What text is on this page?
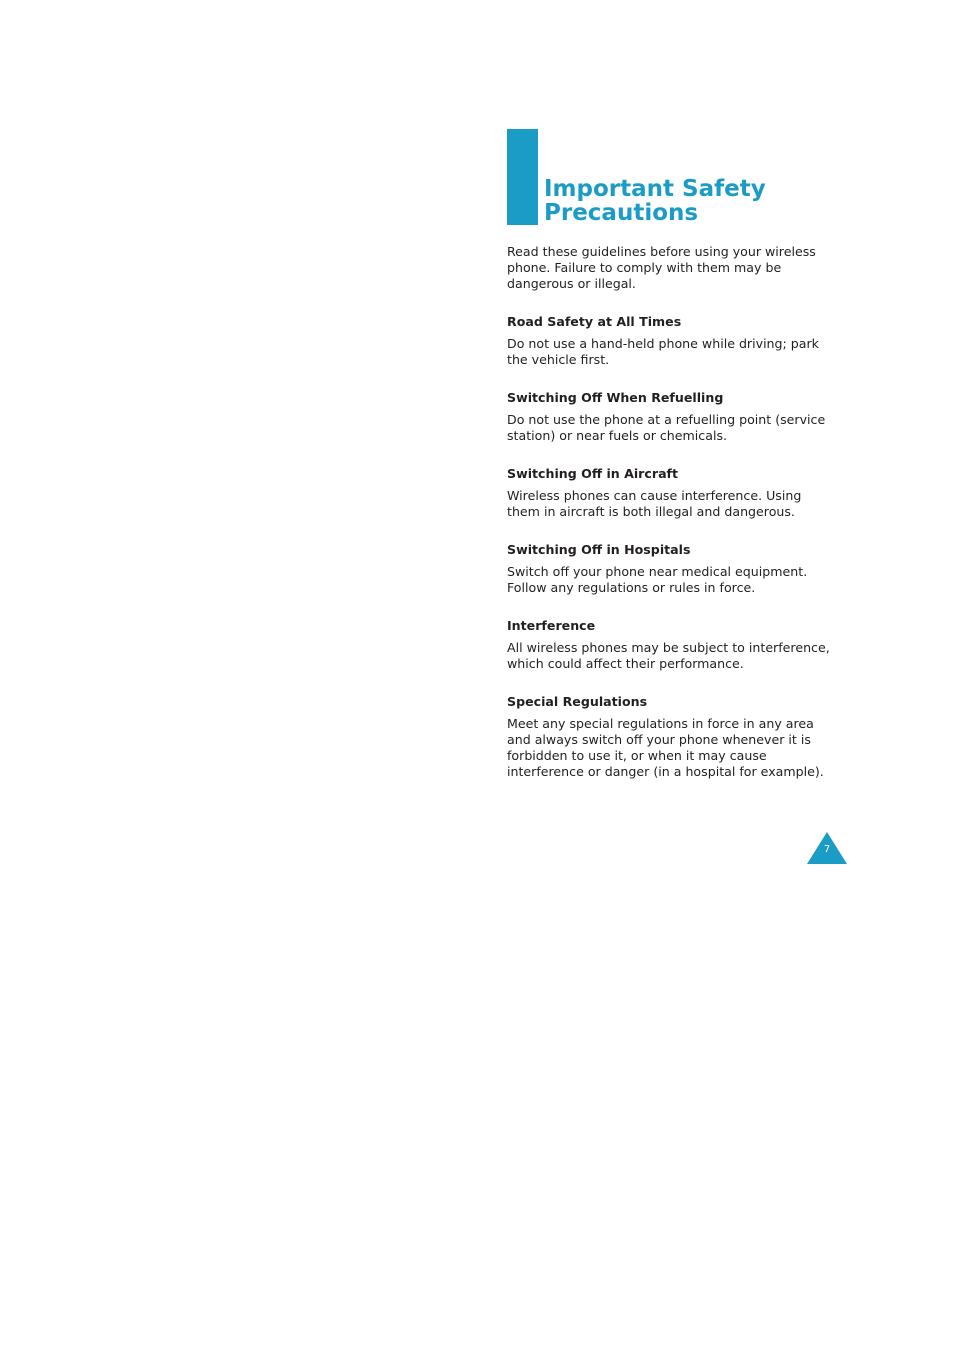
Important Safety Precautions

Read these guidelines before using your wireless phone. Failure to comply with them may be dangerous or illegal.

Road Safety at All Times

Do not use a hand-held phone while driving; park the vehicle first.

Switching Off When Refuelling

Do not use the phone at a refuelling point (service station) or near fuels or chemicals.

Switching Off in Aircraft

Wireless phones can cause interference. Using them in aircraft is both illegal and dangerous.

Switching Off in Hospitals

Switch off your phone near medical equipment. Follow any regulations or rules in force.

Interference

All wireless phones may be subject to interference, which could affect their performance.

Special Regulations

Meet any special regulations in force in any area and always switch off your phone whenever it is forbidden to use it, or when it may cause interference or danger (in a hospital for example).

7
